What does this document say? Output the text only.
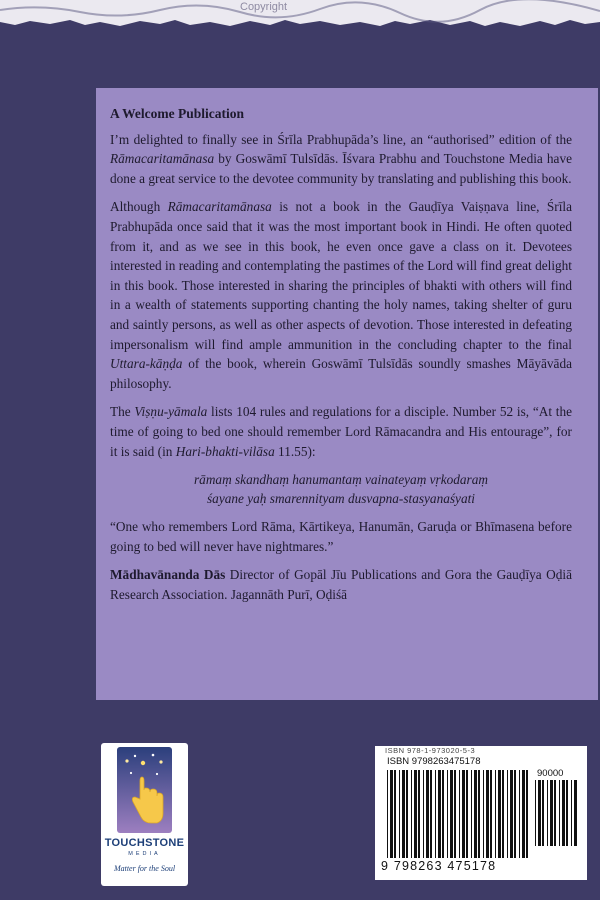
Copyright

A Welcome Publication

I’m delighted to finally see in Śrīla Prabhupāda’s line, an “authorised” edition of the Rāmacaritamānasa by Goswāmī Tulsīdās. Īśvara Prabhu and Touchstone Media have done a great service to the devotee community by translating and publishing this book.

Although Rāmacaritamānasa is not a book in the Gauḍīya Vaiṣṇava line, Śrīla Prabhupāda once said that it was the most important book in Hindi. He often quoted from it, and as we see in this book, he even once gave a class on it. Devotees interested in reading and contemplating the pastimes of the Lord will find great delight in this book. Those interested in sharing the principles of bhakti with others will find in a wealth of statements supporting chanting the holy names, taking shelter of guru and saintly persons, as well as other aspects of devotion. Those interested in defeating impersonalism will find ample ammunition in the concluding chapter to the final Uttara-kāṇḍa of the book, wherein Goswāmī Tulsīdās soundly smashes Māyāvāda philosophy.

The Viṣṇu-yāmala lists 104 rules and regulations for a disciple. Number 52 is, “At the time of going to bed one should remember Lord Rāmacandra and His entourage”, for it is said (in Hari-bhakti-vilāsa 11.55):

rāmaṃ skandhaṃ hanumantaṃ vainateyaṃ vṛkodaraṃ
śayane yaḥ smarennityam dusvapna-stasyanaśyati

“One who remembers Lord Rāma, Kārtikeya, Hanumān, Garuḍa or Bhīmasena before going to bed will never have nightmares.”

Mādhavānanda Dās Director of Gopāl Jīu Publications and Gora the Gauḍīya Oḍiā Research Association. Jagannāth Purī, Oḍiśā

TOUCHSTONE
MEDIA
Matter for the Soul
ISBN 978-1-973020-5-3
ISBN 9798263475178
90000
9 798263 475178
